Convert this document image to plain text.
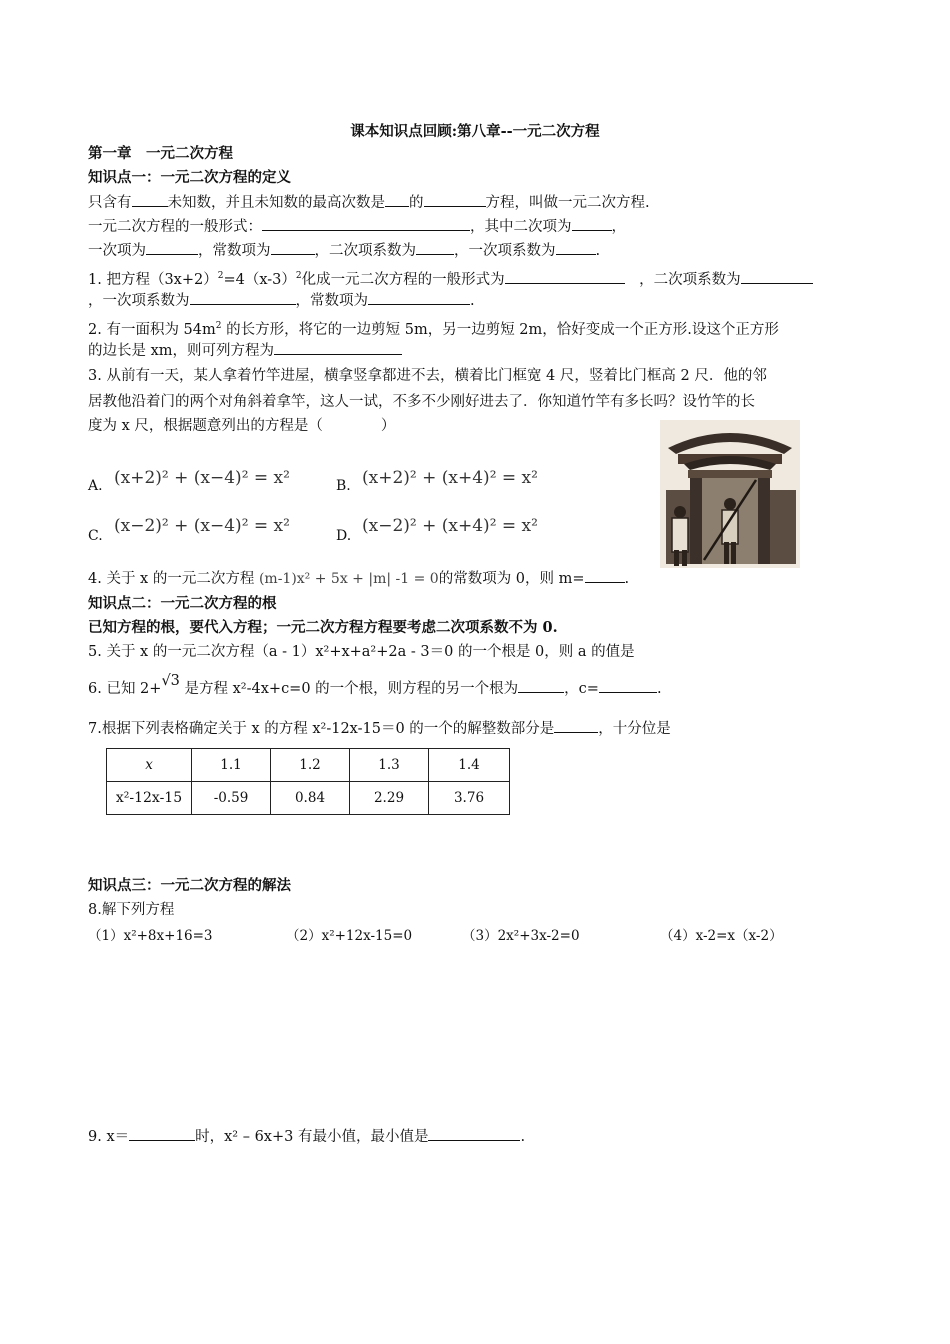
课本知识点回顾:第八章--一元二次方程
第一章　一元二次方程
知识点一：一元二次方程的定义
只含有 未知数，并且未知数的最高次数是 的	方程，叫做一元二次方程.
一元二次方程的一般形式：	，其中二次项为	，
一次项为	，常数项为	，二次项系数为	，一次项系数为	.
1. 把方程$(3x+2)^2=4(x-3)^2$化成一元二次方程的一般形式为　	，二次项系数为
，一次项系数为	，常数项为	.
2. 有一面积为 $54m^2$ 的长方形，将它的一边剪短 5m，另一边剪短 2m，恰好变成一个正方形.设这个正方形
的边长是 xm，则可列方程为
3. 从前有一天，某人拿着竹竿进屋，横拿竖拿都进不去，横着比门框宽 4 尺，竖着比门框高 2 尺．他的邻
居教他沿着门的两个对角斜着拿竿，这人一试，不多不少刚好进去了．你知道竹竿有多长吗？设竹竿的长
度为 x 尺，根据题意列出的方程是（　　　　）
A. (x+2)² + (x−4)² = x²	B. (x+2)² + (x+4)² = x²
C. (x−2)² + (x−4)² = x²	D. (x−2)² + (x+4)² = x²
4. 关于 x 的一元二次方程 (m-1)x² + 5x + |m| -1 = 0的常数项为 0，则 m=	.
知识点二：一元二次方程的根
已知方程的根，要代入方程；一元二次方程方程要考虑二次项系数不为 0.
5. 关于 x 的一元二次方程（a - 1）x²+x+a²+2a - 3＝0 的一个根是 0，则 a 的值是
6. 已知 2+√3 是方程 x²-4x+c=0 的一个根，则方程的另一个根为	，c=	.
7.根据下列表格确定关于 x 的方程 x²-12x-15＝0 的一个的解整数部分是	，十分位是
x	1.1	1.2	1.3	1.4
x²-12x-15	-0.59	0.84	2.29	3.76
知识点三：一元二次方程的解法
8.解下列方程
（1）x²+8x+16=3	（2）x²+12x-15=0	（3）2x²+3x-2=0	（4）x-2=x（x-2）
9. x＝	时，x² – 6x+3 有最小值，最小值是	.
